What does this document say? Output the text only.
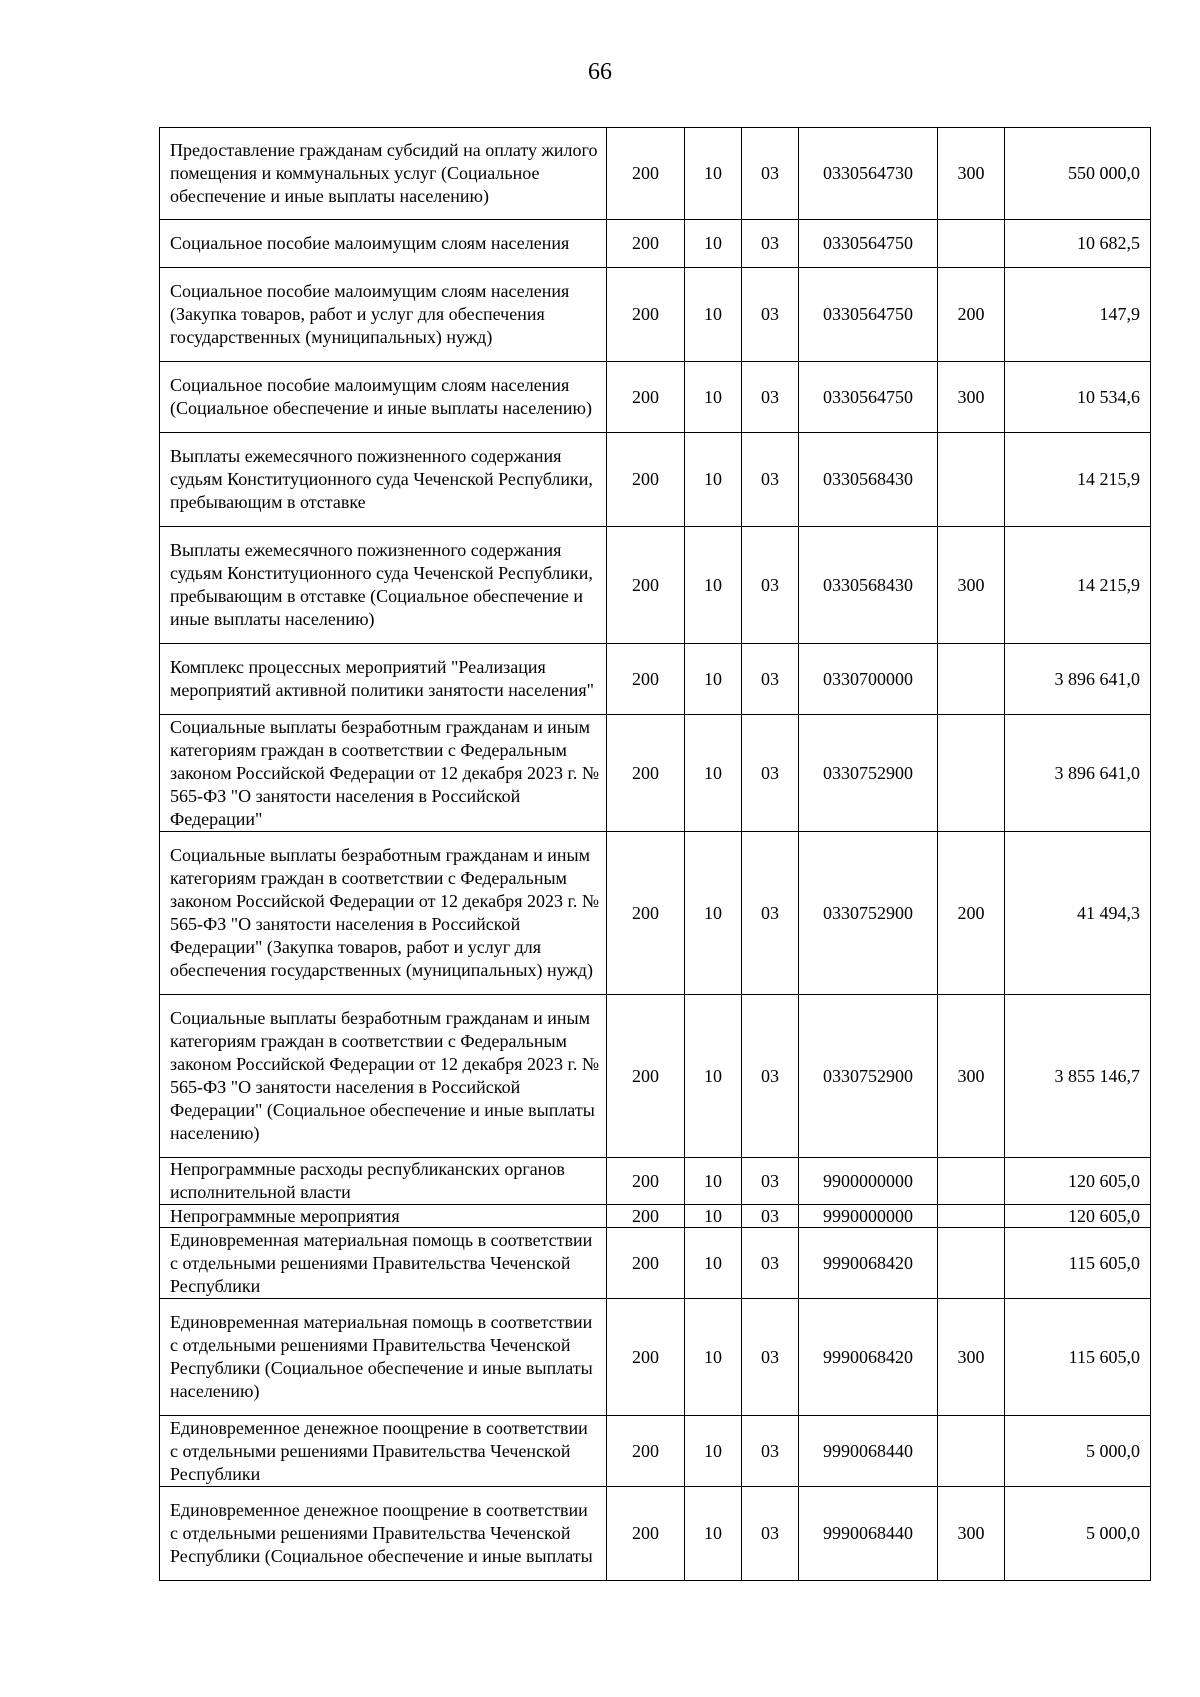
66
Предоставление гражданам субсидий на оплату жилого помещения и коммунальных услуг (Социальное обеспечение и иные выплаты населению)	200	10	03	0330564730	300	550 000,0
Социальное пособие малоимущим слоям населения	200	10	03	0330564750		10 682,5
Социальное пособие малоимущим слоям населения (Закупка товаров, работ и услуг для обеспечения государственных (муниципальных) нужд)	200	10	03	0330564750	200	147,9
Социальное пособие малоимущим слоям населения (Социальное обеспечение и иные выплаты населению)	200	10	03	0330564750	300	10 534,6
Выплаты ежемесячного пожизненного содержания судьям Конституционного суда Чеченской Республики, пребывающим в отставке	200	10	03	0330568430		14 215,9
Выплаты ежемесячного пожизненного содержания судьям Конституционного суда Чеченской Республики, пребывающим в отставке (Социальное обеспечение и иные выплаты населению)	200	10	03	0330568430	300	14 215,9
Комплекс процессных мероприятий "Реализация мероприятий активной политики занятости населения"	200	10	03	0330700000		3 896 641,0
Социальные выплаты безработным гражданам и иным категориям граждан в соответствии с Федеральным законом Российской Федерации от 12 декабря 2023 г. № 565-ФЗ "О занятости населения в Российской Федерации"	200	10	03	0330752900		3 896 641,0
Социальные выплаты безработным гражданам и иным категориям граждан в соответствии с Федеральным законом Российской Федерации от 12 декабря 2023 г. № 565-ФЗ "О занятости населения в Российской Федерации" (Закупка товаров, работ и услуг для обеспечения государственных (муниципальных) нужд)	200	10	03	0330752900	200	41 494,3
Социальные выплаты безработным гражданам и иным категориям граждан в соответствии с Федеральным законом Российской Федерации от 12 декабря 2023 г. № 565-ФЗ "О занятости населения в Российской Федерации" (Социальное обеспечение и иные выплаты населению)	200	10	03	0330752900	300	3 855 146,7
Непрограммные расходы республиканских органов исполнительной власти	200	10	03	9900000000		120 605,0
Непрограммные мероприятия	200	10	03	9990000000		120 605,0
Единовременная материальная помощь в соответствии с отдельными решениями Правительства Чеченской Республики	200	10	03	9990068420		115 605,0
Единовременная материальная помощь в соответствии с отдельными решениями Правительства Чеченской Республики (Социальное обеспечение и иные выплаты населению)	200	10	03	9990068420	300	115 605,0
Единовременное денежное поощрение в соответствии с отдельными решениями Правительства Чеченской Республики	200	10	03	9990068440		5 000,0
Единовременное денежное поощрение в соответствии с отдельными решениями Правительства Чеченской Республики (Социальное обеспечение и иные выплаты	200	10	03	9990068440	300	5 000,0
